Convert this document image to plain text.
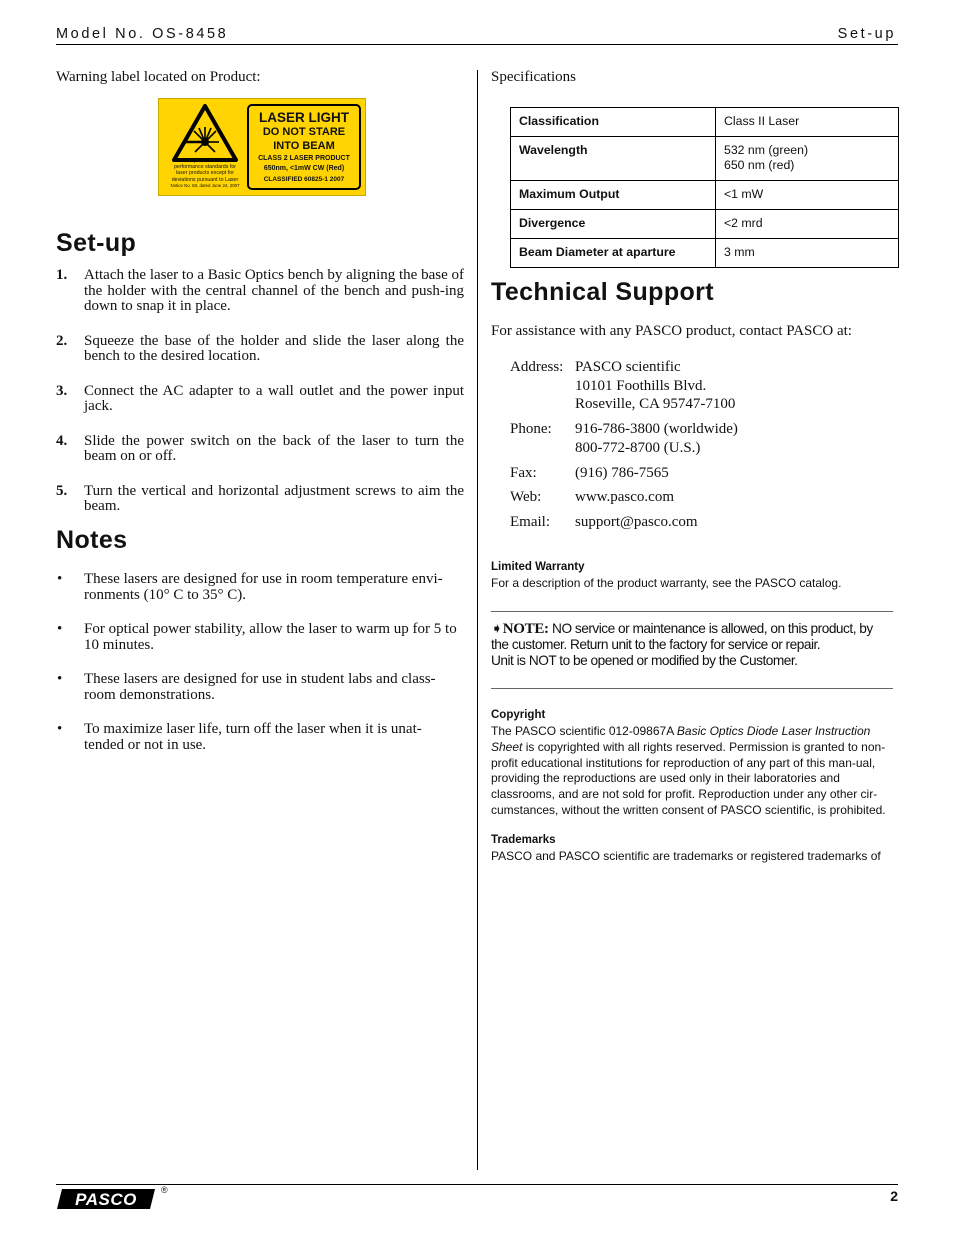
Model No. OS-8458	Set-up
Warning label located on Product:
Complies with FDA
performance standards for
laser products except for
deviations pursuant to Laser
Notice No. 50, dated June 24, 2007
LASER LIGHT
DO NOT STARE
INTO BEAM
CLASS 2 LASER PRODUCT
650nm, <1mW CW (Red)
CLASSIFIED 60825-1 2007
Set-up
1. Attach the laser to a Basic Optics bench by aligning the base of the holder with the central channel of the bench and push-ing down to snap it in place.
2. Squeeze the base of the holder and slide the laser along the bench to the desired location.
3. Connect the AC adapter to a wall outlet and the power input jack.
4. Slide the power switch on the back of the laser to turn the beam on or off.
5. Turn the vertical and horizontal adjustment screws to aim the beam.
Notes
• These lasers are designed for use in room temperature envi-ronments (10° C to 35° C).
• For optical power stability, allow the laser to warm up for 5 to 10 minutes.
• These lasers are designed for use in student labs and class-room demonstrations.
• To maximize laser life, turn off the laser when it is unat-tended or not in use.
Specifications
Classification	Class II Laser
Wavelength	532 nm (green)
650 nm (red)

Maximum Output	<1 mW
Divergence	<2 mrd
Beam Diameter at aparture	3 mm
Technical Support
For assistance with any PASCO product, contact PASCO at:
Address: PASCO scientific
10101 Foothills Blvd.
Roseville, CA 95747-7100
Phone:	916-786-3800 (worldwide)
800-772-8700 (U.S.)
Fax:	(916) 786-7565
Web:	www.pasco.com
Email:	support@pasco.com
Limited Warranty
For a description of the product warranty, see the PASCO catalog.
➧NOTE: NO service or maintenance is allowed, on this product, by
the customer. Return unit to the factory for service or repair.
Unit is NOT to be opened or modified by the Customer.
Copyright
The PASCO scientific 012-09867A Basic Optics Diode Laser Instruction Sheet is copyrighted with all rights reserved. Permission is granted to non-profit educational institutions for reproduction of any part of this man-ual, providing the reproductions are used only in their laboratories and classrooms, and are not sold for profit. Reproduction under any other cir-cumstances, without the written consent of PASCO scientific, is prohibited.
Trademarks
PASCO and PASCO scientific are trademarks or registered trademarks of
PASCO	®	2
